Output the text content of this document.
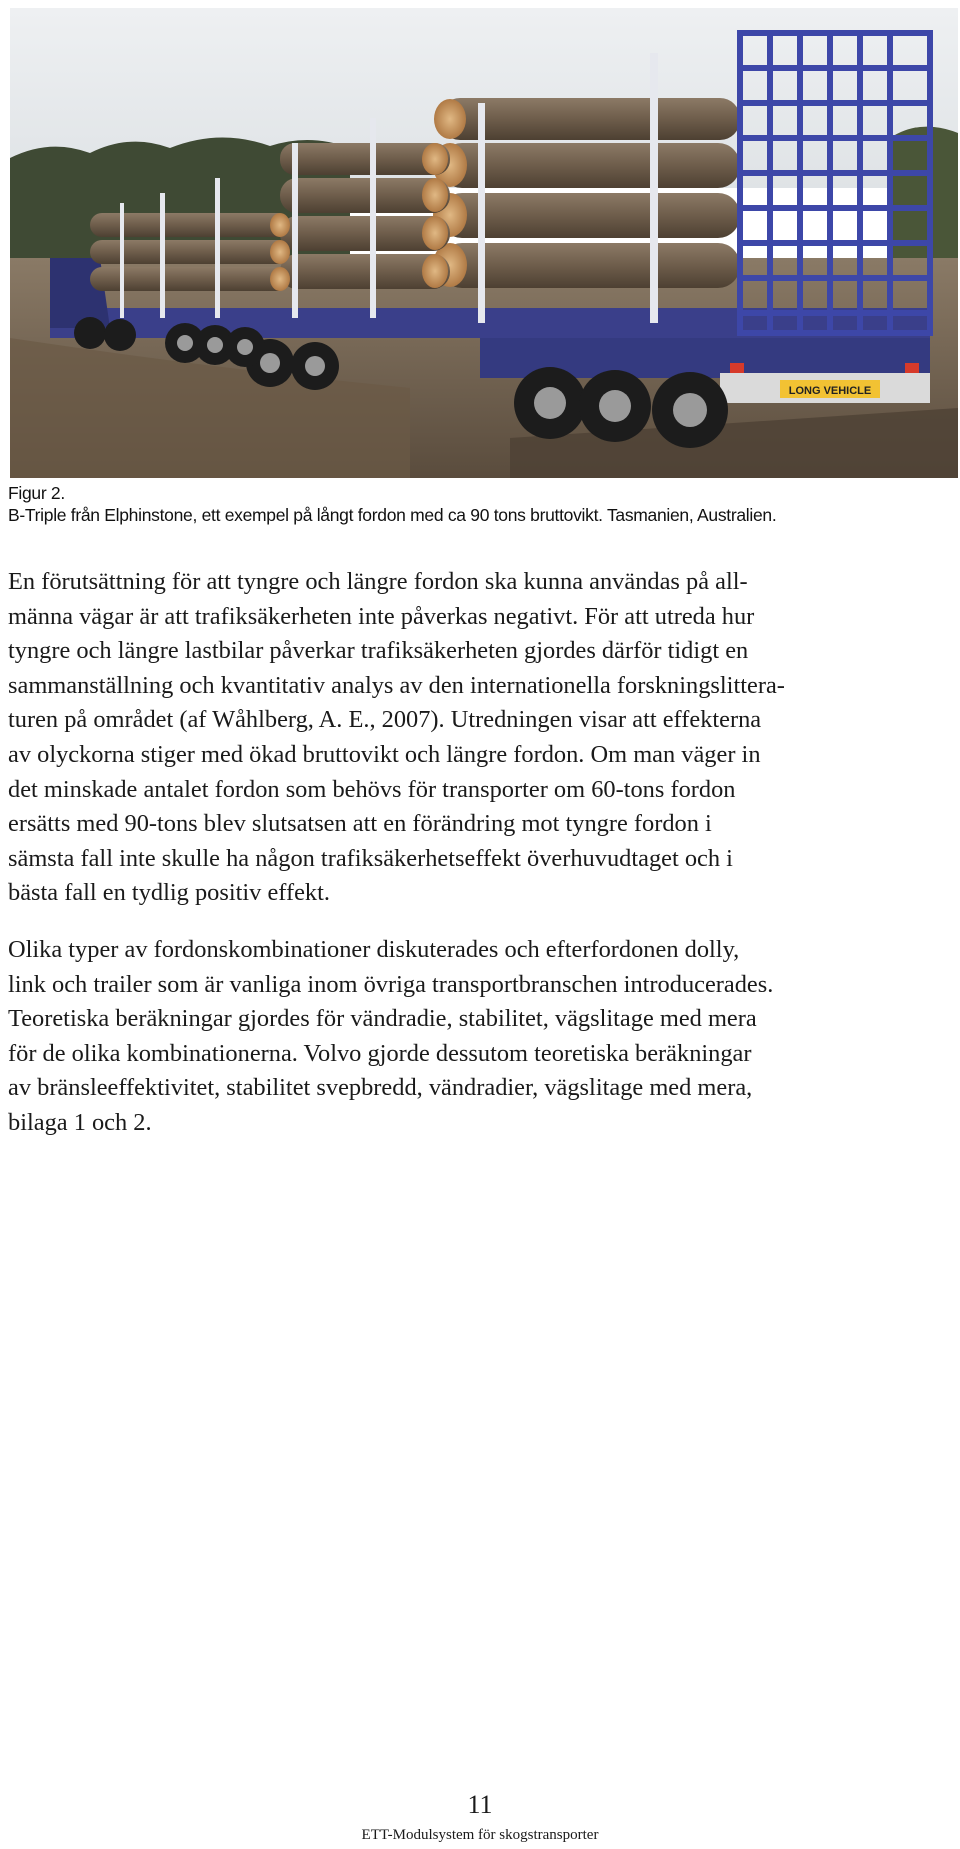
LONG VEHICLE
Figur 2.
B-Triple från Elphinstone, ett exempel på långt fordon med ca 90 tons bruttovikt. Tasmanien, Australien.

En förutsättning för att tyngre och längre fordon ska kunna användas på all-
männa vägar är att trafiksäkerheten inte påverkas negativt. För att utreda hur
tyngre och längre lastbilar påverkar trafiksäkerheten gjordes därför tidigt en
sammanställning och kvantitativ analys av den internationella forskningslittera-
turen på området (af Wåhlberg, A. E., 2007). Utredningen visar att effekterna
av olyckorna stiger med ökad bruttovikt och längre fordon. Om man väger in
det minskade antalet fordon som behövs för transporter om 60-tons fordon
ersätts med 90-tons blev slutsatsen att en förändring mot tyngre fordon i
sämsta fall inte skulle ha någon trafiksäkerhetseffekt överhuvudtaget och i
bästa fall en tydlig positiv effekt.

Olika typer av fordonskombinationer diskuterades och efterfordonen dolly,
link och trailer som är vanliga inom övriga transportbranschen introducerades.
Teoretiska beräkningar gjordes för vändradie, stabilitet, vägslitage med mera
för de olika kombinationerna. Volvo gjorde dessutom teoretiska beräkningar
av bränsleeffektivitet, stabilitet svepbredd, vändradier, vägslitage med mera,
bilaga 1 och 2.

11
ETT-Modulsystem för skogstransporter
